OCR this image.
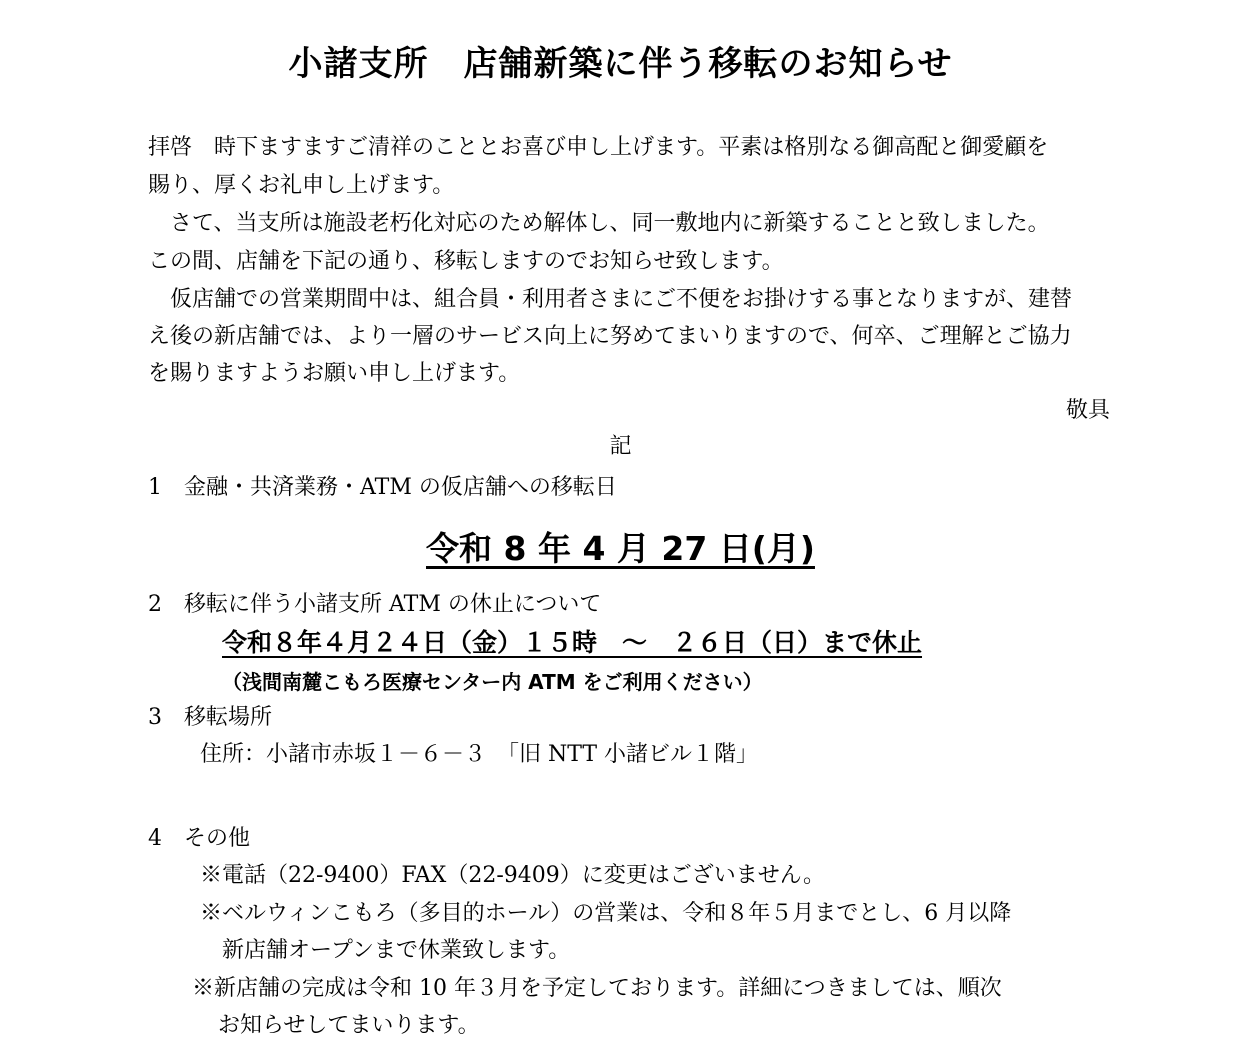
小諸支所　店舗新築に伴う移転のお知らせ
拝啓　時下ますますご清祥のこととお喜び申し上げます。平素は格別なる御高配と御愛顧を
賜り、厚くお礼申し上げます。
　さて、当支所は施設老朽化対応のため解体し、同一敷地内に新築することと致しました。
この間、店舗を下記の通り、移転しますのでお知らせ致します。
　仮店舗での営業期間中は、組合員・利用者さまにご不便をお掛けする事となりますが、建替
え後の新店舗では、より一層のサービス向上に努めてまいりますので、何卒、ご理解とご協力
を賜りますようお願い申し上げます。
敬具
記
1　金融・共済業務・ATM の仮店舗への移転日
令和 8 年 4 月 27 日(月)
2　移転に伴う小諸支所 ATM の休止について
令和８年４月２４日（金）１５時　～　２６日（日）まで休止
（浅間南麓こもろ医療センター内 ATM をご利用ください）
3　移転場所
住所：小諸市赤坂１－６－３　「旧 NTT 小諸ビル１階」
4　その他
※電話（22-9400）FAX（22-9409）に変更はございません。
※ベルウィンこもろ（多目的ホール）の営業は、令和８年５月までとし、6 月以降
新店舗オープンまで休業致します。
※新店舗の完成は令和 10 年３月を予定しております。詳細につきましては、順次
お知らせしてまいります。
